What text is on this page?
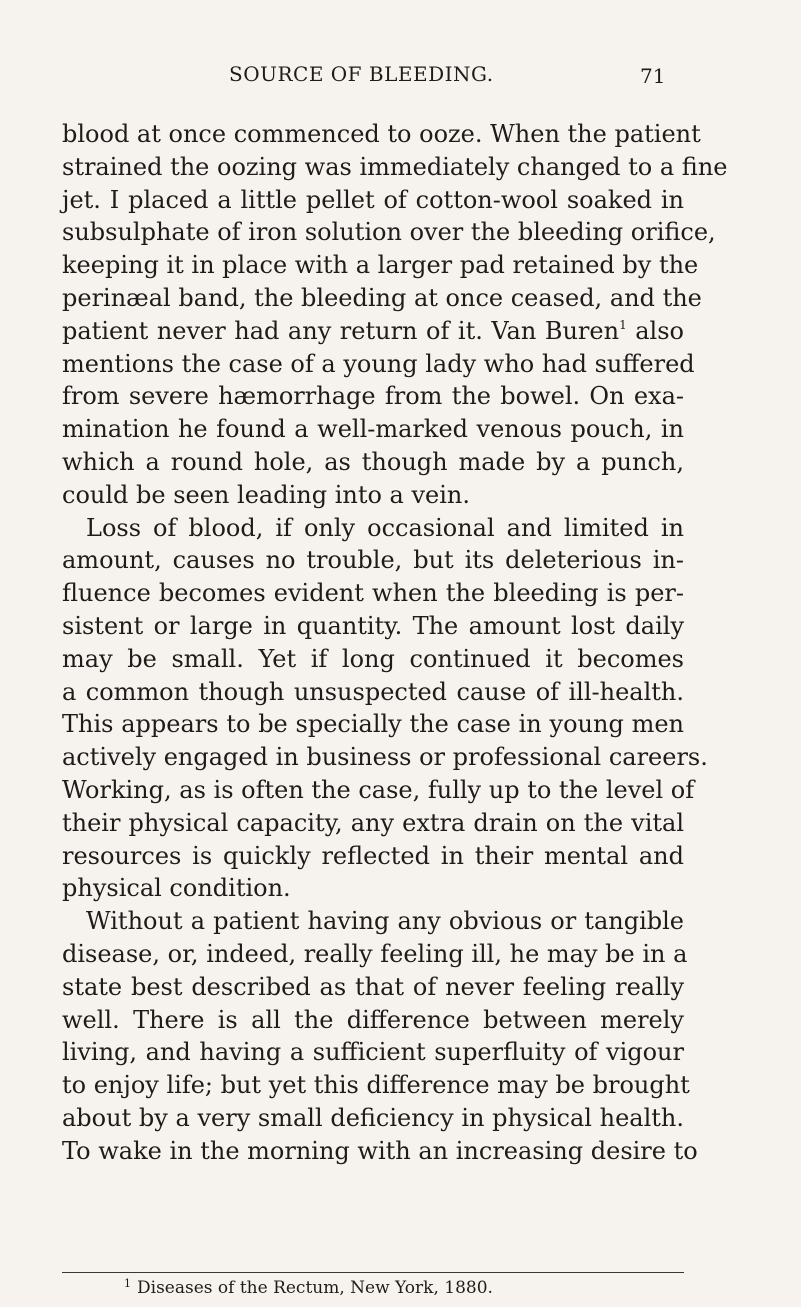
SOURCE OF BLEEDING.	71
blood at once commenced to ooze. When the patient
strained the oozing was immediately changed to a fine
jet. I placed a little pellet of cotton-wool soaked in
subsulphate of iron solution over the bleeding orifice,
keeping it in place with a larger pad retained by the
perinæal band, the bleeding at once ceased, and the
patient never had any return of it. Van Buren$^1$ also
mentions the case of a young lady who had suffered
from severe hæmorrhage from the bowel. On exa-
mination he found a well-marked venous pouch, in
which a round hole, as though made by a punch,
could be seen leading into a vein.
Loss of blood, if only occasional and limited in
amount, causes no trouble, but its deleterious in-
fluence becomes evident when the bleeding is per-
sistent or large in quantity. The amount lost daily
may be small. Yet if long continued it becomes
a common though unsuspected cause of ill-health.
This appears to be specially the case in young men
actively engaged in business or professional careers.
Working, as is often the case, fully up to the level of
their physical capacity, any extra drain on the vital
resources is quickly reflected in their mental and
physical condition.
Without a patient having any obvious or tangible
disease, or, indeed, really feeling ill, he may be in a
state best described as that of never feeling really
well. There is all the difference between merely
living, and having a sufficient superfluity of vigour
to enjoy life; but yet this difference may be brought
about by a very small deficiency in physical health.
To wake in the morning with an increasing desire to
$^1$ Diseases of the Rectum, New York, 1880.
